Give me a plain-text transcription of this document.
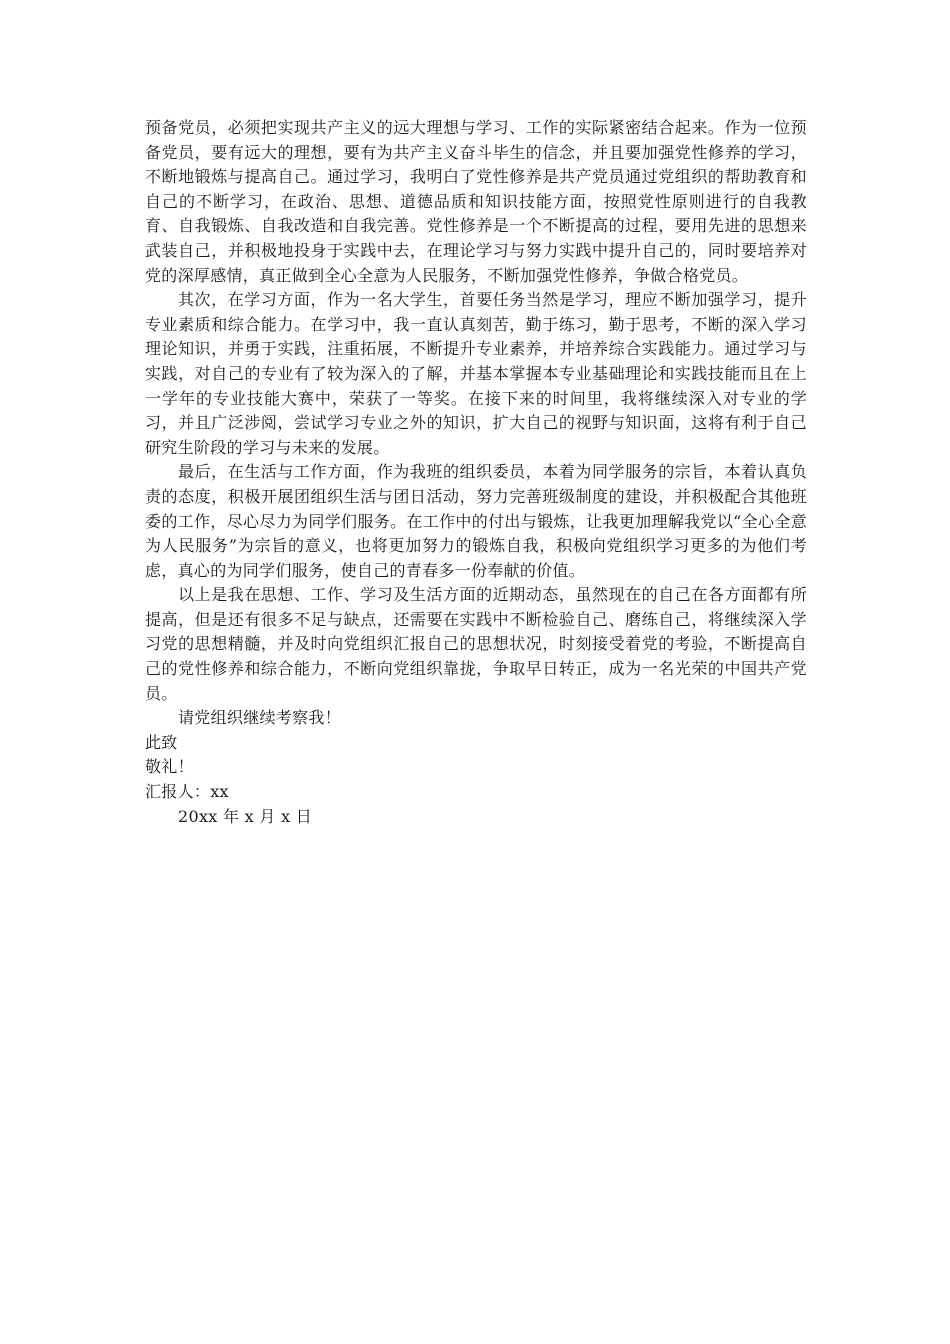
预备党员，必须把实现共产主义的远大理想与学习、工作的实际紧密结合起来。作为一位预备党员，要有远大的理想，要有为共产主义奋斗毕生的信念，并且要加强党性修养的学习，不断地锻炼与提高自己。通过学习，我明白了党性修养是共产党员通过党组织的帮助教育和自己的不断学习，在政治、思想、道德品质和知识技能方面，按照党性原则进行的自我教育、自我锻炼、自我改造和自我完善。党性修养是一个不断提高的过程，要用先进的思想来武装自己，并积极地投身于实践中去，在理论学习与努力实践中提升自己的，同时要培养对党的深厚感情，真正做到全心全意为人民服务，不断加强党性修养，争做合格党员。

其次，在学习方面，作为一名大学生，首要任务当然是学习，理应不断加强学习，提升专业素质和综合能力。在学习中，我一直认真刻苦，勤于练习，勤于思考，不断的深入学习理论知识，并勇于实践，注重拓展，不断提升专业素养，并培养综合实践能力。通过学习与实践，对自己的专业有了较为深入的了解，并基本掌握本专业基础理论和实践技能而且在上一学年的专业技能大赛中，荣获了一等奖。在接下来的时间里，我将继续深入对专业的学习，并且广泛涉阅，尝试学习专业之外的知识，扩大自己的视野与知识面，这将有利于自己研究生阶段的学习与未来的发展。

最后，在生活与工作方面，作为我班的组织委员，本着为同学服务的宗旨，本着认真负责的态度，积极开展团组织生活与团日活动，努力完善班级制度的建设，并积极配合其他班委的工作，尽心尽力为同学们服务。在工作中的付出与锻炼，让我更加理解我党以“全心全意为人民服务”为宗旨的意义，也将更加努力的锻炼自我，积极向党组织学习更多的为他们考虑，真心的为同学们服务，使自己的青春多一份奉献的价值。

以上是我在思想、工作、学习及生活方面的近期动态，虽然现在的自己在各方面都有所提高，但是还有很多不足与缺点，还需要在实践中不断检验自己、磨练自己，将继续深入学习党的思想精髓，并及时向党组织汇报自己的思想状况，时刻接受着党的考验，不断提高自己的党性修养和综合能力，不断向党组织靠拢，争取早日转正，成为一名光荣的中国共产党员。

请党组织继续考察我！

此致

敬礼！

汇报人：xx

20xx 年 x 月 x 日
